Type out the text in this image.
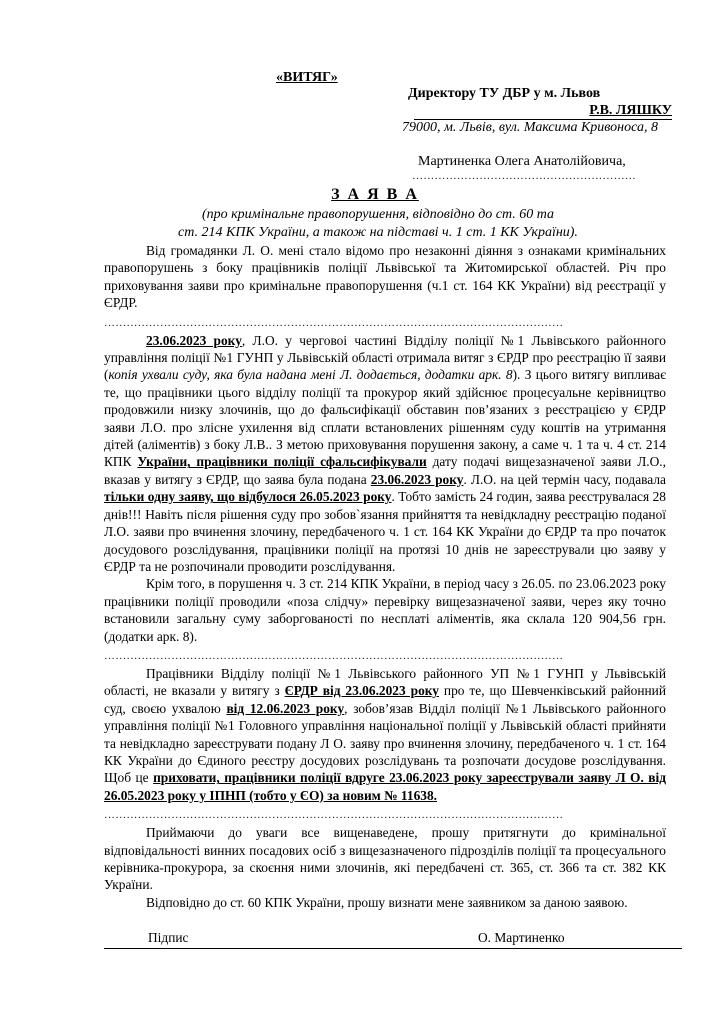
«ВИТЯГ»
Директору ТУ ДБР у м. Львов
Р.В. ЛЯШКУ
79000, м. Львів, вул. Максима Кривоноса, 8
Мартиненка Олега Анатолійовича,
……………………………………………………
З А Я В А
(про кримінальне правопорушення, відповідно до ст. 60 та
ст. 214 КПК України, а також на підставі ч. 1 ст. 1 КК України).

Від громадянки Л. О. мені стало відомо про незаконні діяння з ознаками кримінальних правопорушень з боку працівників поліції Львівської та Житомирської областей. Річ про приховування заяви про кримінальне правопорушення (ч.1 ст. 164 КК України) від реєстрації у ЄРДР.

……………………………………………………………………………………………………………

23.06.2023 року, Л.О. у черговоі частині Відділу поліції №1 Львівського районного управління поліції №1 ГУНП у Львівській області отримала витяг з ЄРДР про реєстрацію її заяви (копія ухвали суду, яка була надана мені Л. додається, додатки арк. 8). З цього витягу випливає те, що працівники цього відділу поліції та прокурор який здійснює процесуальне керівництво продовжили низку злочинів, що до фальсифікації обставин пов’язаних з реєстрацією у ЄРДР заяви Л.О. про злісне ухилення від сплати встановлених рішенням суду коштів на утримання дітей (аліментів) з боку Л.В.. З метою приховування порушення закону, а саме ч. 1 та ч. 4 ст. 214 КПК України, працівники поліції сфальсифікували дату подачі вищезазначеної заяви Л.О., вказав у витягу з ЄРДР, що заява була подана 23.06.2023 року. Л.О. на цей термін часу, подавала тільки одну заяву, що відбулося 26.05.2023 року. Тобто замість 24 годин, заява реєструвалася 28 днів!!! Навіть після рішення суду про зобов`язання прийняття та невідкладну реєстрацію поданої Л.О. заяви про вчинення злочину, передбаченого ч. 1 ст. 164 КК України до ЄРДР та про початок досудового розслідування, працівники поліції на протязі 10 днів не зареєстрували цю заяву у ЄРДР та не розпочинали проводити розслідування.

Крім того, в порушення ч. 3 ст. 214 КПК України, в період часу з 26.05. по 23.06.2023 року працівники поліції проводили «поза слідчу» перевірку вищезазначеної заяви, через яку точно встановили загальну суму заборгованості по несплаті аліментів, яка склала 120 904,56 грн. (додатки арк. 8).

……………………………………………………………………………………………………………

Працівники Відділу поліції №1 Львівського районного УП №1 ГУНП у Львівській області, не вказали у витягу з ЄРДР від 23.06.2023 року про те, що Шевченківський районний суд, своєю ухвалою від 12.06.2023 року, зобов’язав Відділ поліції №1 Львівського районного управління поліції №1 Головного управління національної поліції у Львівській області прийняти та невідкладно зареєструвати подану Л О. заяву про вчинення злочину, передбаченого ч. 1 ст. 164 КК України до Єдиного реєстру досудових розслідувань та розпочати досудове розслідування. Щоб це приховати, працівники поліції вдруге 23.06.2023 року зареєстрували заяву Л О. від 26.05.2023 року у ІПНП (тобто у ЄО) за новим № 11638.

……………………………………………………………………………………………………………

Приймаючи до уваги все вищенаведене, прошу притягнути до кримінальної відповідальності винних посадових осіб з вищезазначеного підрозділів поліції та процесуального керівника-прокурора, за скоєння ними злочинів, які передбачені ст. 365, ст. 366 та ст. 382 КК України.

Відповідно до ст. 60 КПК України, прошу визнати мене заявником за даною заявою.

Підпис	О. Мартиненко
